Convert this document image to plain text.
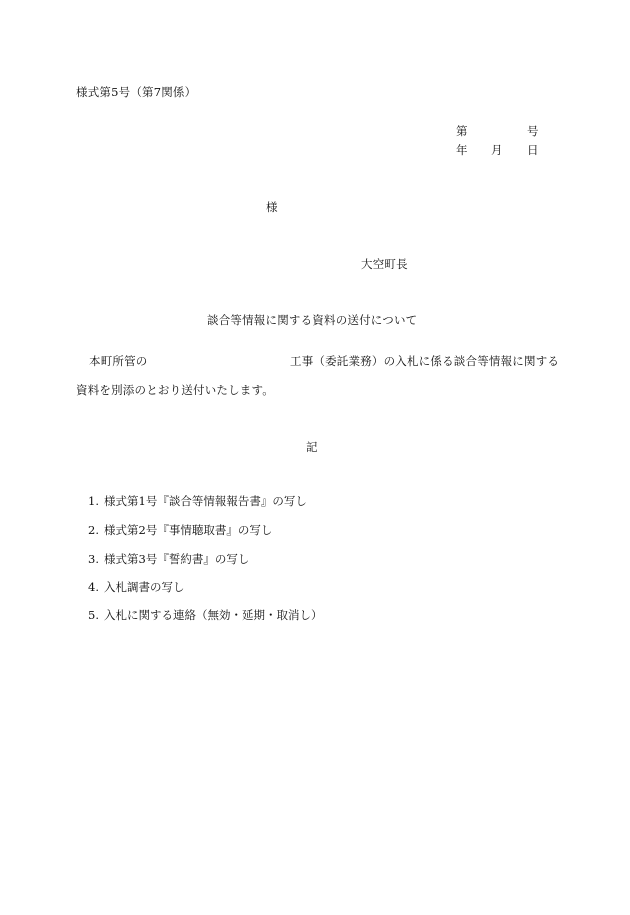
様式第5号（第7関係）
第	号
年 月 日
様
大空町長
談合等情報に関する資料の送付について
本町所管の	工事（委託業務）の入札に係る談合等情報に関する
資料を別添のとおり送付いたします。
記
1. 様式第1号『談合等情報報告書』の写し
2. 様式第2号『事情聴取書』の写し
3. 様式第3号『誓約書』の写し
4. 入札調書の写し
5. 入札に関する連絡（無効・延期・取消し）
